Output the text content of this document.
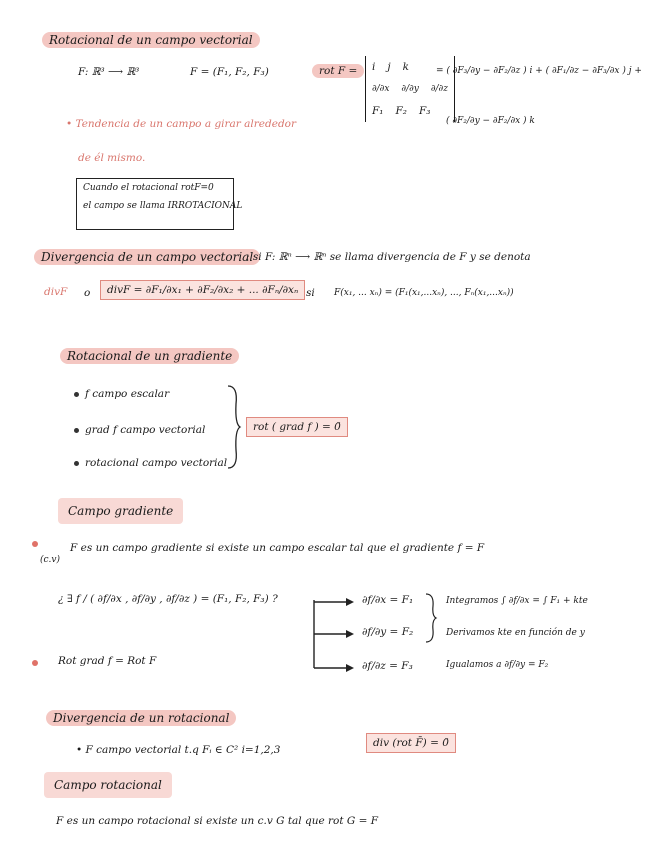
Rotacional de un campo vectorial
F: ℝ³ ⟶ ℝ³	F = (F₁, F₂, F₃)	rot F =	i j k
∂/∂x ∂/∂y ∂/∂z
F₁ F₂ F₃
= ( ∂F₃/∂y − ∂F₂/∂z ) i + ( ∂F₁/∂z − ∂F₃/∂x ) j +
( ∂F₂/∂y − ∂F₂/∂x ) k
• Tendencia de un campo a girar alrededor
de él mismo.
Cuando el rotacional rotF=0
el campo se llama IRROTACIONAL
Divergencia de un campo vectorial
: si F: ℝⁿ ⟶ ℝⁿ se llama divergencia de F y se denota
divF o	divF = ∂F₁/∂x₁ + ∂F₂/∂x₂ + ... ∂Fₙ/∂xₙ si F(x₁, ... xₙ) = (F₁(x₁,...xₙ), ..., Fₙ(x₁,...xₙ))
Rotacional de un gradiente
f campo escalar
grad f campo vectorial
rotacional campo vectorial
rot ( grad f ) = 0̄
Campo gradiente
(c.v)
F es un campo gradiente si existe un campo escalar tal que el gradiente f = F
¿ ∃ f / ( ∂f/∂x , ∂f/∂y , ∂f/∂z ) = (F₁, F₂, F₃) ?
Rot grad f = Rot F
∂f/∂x = F₁
∂f/∂y = F₂
∂f/∂z = F₃
Integramos ∫ ∂f/∂x = ∫ F₁ + kte
Derivamos kte en función de y
Igualamos a ∂f/∂y = F₂
Divergencia de un rotacional
• F campo vectorial t.q Fᵢ ∈ C² i=1,2,3
div (rot F̄) = 0̄
Campo rotacional
F es un campo rotacional si existe un c.v G tal que rot G = F
